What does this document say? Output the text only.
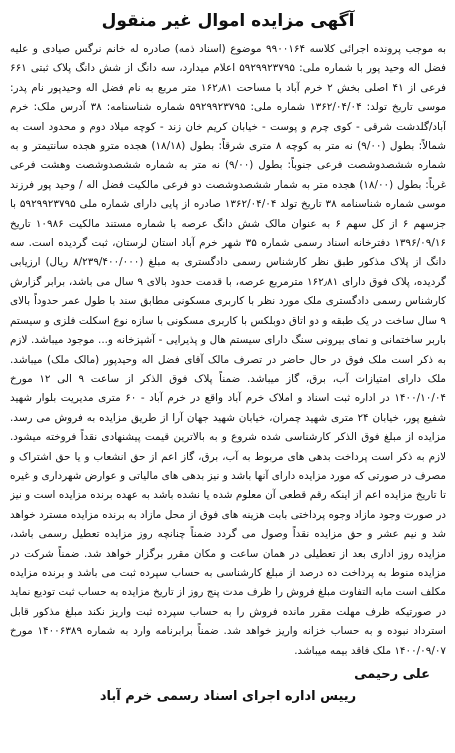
آگهی مزایده اموال غیر منقول

به موجب پرونده اجرائی کلاسه ۹۹۰۰۱۶۴ موضوع (اسناد ذمه) صادره له خانم نرگس صیادی و علیه فضل اله وحید پور با شماره ملی: ۵۹۲۹۹۲۳۷۹۵ اعلام میدارد، سه دانگ از شش دانگ پلاک ثبتی ۶۶۱ فرعی از ۴۱ اصلی بخش ۲ خرم آباد با مساحت ۱۶۲٫۸۱ متر مربع به نام فضل اله وحیدپور نام پدر: موسی تاریخ تولد: ۱۳۶۲/۰۴/۰۴ شماره ملی: ۵۹۲۹۹۲۳۷۹۵ شماره شناسنامه: ۳۸ آدرس ملک: خرم آباد/گلدشت شرقی - کوی چرم و پوست - خیابان کریم خان زند - کوچه میلاد دوم و محدود است به شمالاً: بطول (۹/۰۰) نه متر به کوچه ۸ متری شرقاً: بطول (۱۸/۱۸) هجده مترو هجده سانتیمتر و به شماره ششصدوشصت فرعی جنوباً: بطول (۹/۰۰) نه متر به شماره ششصدوشصت وهشت فرعی غرباً: بطول (۱۸/۰۰) هجده متر به شمار ششصدوشصت دو فرعی مالکیت فضل اله / وحید پور فرزند موسی شماره شناسنامه ۳۸ تاریخ تولد ۱۳۶۲/۰۴/۰۴ صادره از پایی دارای شماره ملی ۵۹۲۹۹۲۳۷۹۵ با جزسهم ۶ از کل سهم ۶ به عنوان مالک شش دانگ عرصه با شماره مستند مالکیت ۱۰۹۸۶ تاریخ ۱۳۹۶/۰۹/۱۶ دفترخانه اسناد رسمی شماره ۳۵ شهر خرم آباد استان لرستان، ثبت گردیده است. سه دانگ از پلاک مذکور طبق نظر کارشناس رسمی دادگستری به مبلغ (۸/۲۳۹/۴۰۰/۰۰۰ ریال) ارزیابی گردیده، پلاک فوق دارای ۱۶۲٫۸۱ مترمربع عرصه، با قدمت حدود بالای ۹ سال می باشد، برابر گزارش کارشناس رسمی دادگستری ملک مورد نظر با کاربری مسکونی مطابق سند با طول عمر حدوداً بالای ۹ سال ساخت در یک طبقه و دو اتاق دوبلکس با کاربری مسکونی با سازه نوع اسکلت فلزی و سیستم باربر ساختمانی و نمای بیرونی سنگ دارای سیستم هال و پذیرایی - آشپزخانه و... موجود میباشد. لازم به ذکر است ملک فوق در حال حاضر در تصرف مالک آقای فضل اله وحیدپور (مالک ملک) میباشد. ملک دارای امتیازات آب، برق، گاز میباشد. ضمناً پلاک فوق الذکر از ساعت ۹ الی ۱۲ مورخ ۱۴۰۰/۱۰/۰۴ در اداره ثبت اسناد و املاک خرم آباد واقع در خرم آباد - ۶۰ متری مدیریت بلوار شهید شفیع پور، خیابان ۲۴ متری شهید چمران، خیابان شهید جهان آرا از طریق مزایده به فروش می رسد. مزایده از مبلغ فوق الذکر کارشناسی شده شروع و به بالاترین قیمت پیشنهادی نقداً فروخته میشود. لازم به ذکر است پرداخت بدهی های مربوط به آب، برق، گاز اعم از حق انشعاب و یا حق اشتراک و مصرف در صورتی که مورد مزایده دارای آنها باشد و نیز بدهی های مالیاتی و عوارض شهرداری و غیره تا تاریخ مزایده اعم از اینکه رقم قطعی آن معلوم شده یا نشده باشد به عهده برنده مزایده است و نیز در صورت وجود مازاد وجوه پرداختی بابت هزینه های فوق از محل مازاد به برنده مزایده مسترد خواهد شد و نیم عشر و حق مزایده نقداً وصول می گردد ضمناً چنانچه روز مزایده تعطیل رسمی باشد، مزایده روز اداری بعد از تعطیلی در همان ساعت و مکان مقرر برگزار خواهد شد. ضمناً شرکت در مزایده منوط به پرداخت ده درصد از مبلغ کارشناسی به حساب سپرده ثبت می باشد و برنده مزایده مکلف است مابه التفاوت مبلغ فروش را ظرف مدت پنج روز از تاریخ مزایده به حساب ثبت تودیع نماید در صورتیکه ظرف مهلت مقرر مانده فروش را به حساب سپرده ثبت واریز نکند مبلغ مذکور قابل استرداد نبوده و به حساب خزانه واریز خواهد شد. ضمناً برابرنامه وارد به شماره ۱۴۰۰۶۳۸۹ مورخ ۱۴۰۰/۰۹/۰۷ ملک فاقد بیمه میباشد.

علی رحیمی
رییس اداره اجرای اسناد رسمی خرم آباد
